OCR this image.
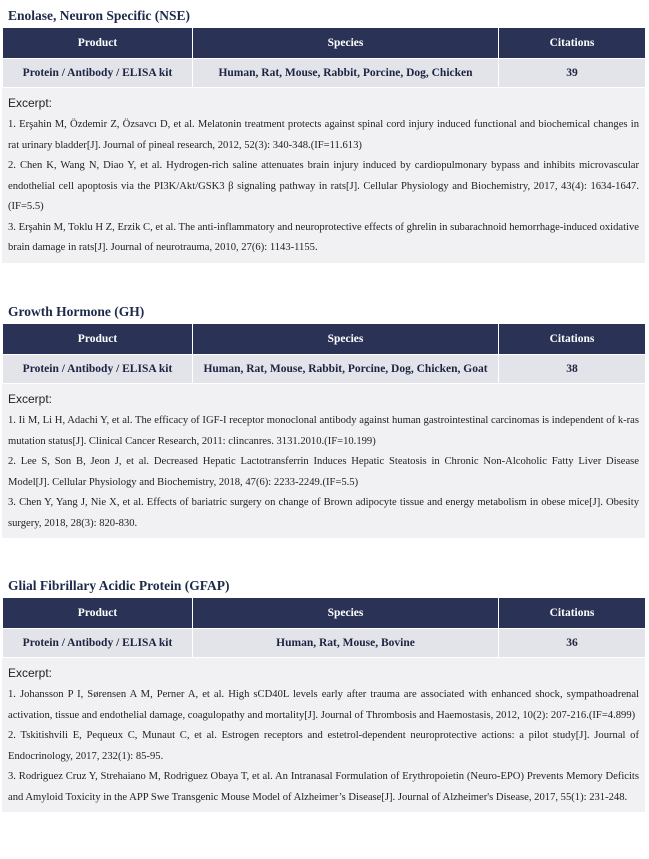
Enolase, Neuron Specific (NSE)
Product	Species	Citations
Protein / Antibody / ELISA kit	Human, Rat, Mouse, Rabbit, Porcine, Dog, Chicken	39
Excerpt:
1. Erşahin M, Özdemir Z, Özsavcı D, et al. Melatonin treatment protects against spinal cord injury induced functional and biochemical changes in rat urinary bladder[J]. Journal of pineal research, 2012, 52(3): 340-348.(IF=11.613)
2. Chen K, Wang N, Diao Y, et al. Hydrogen-rich saline attenuates brain injury induced by cardiopulmonary bypass and inhibits microvascular endothelial cell apoptosis via the PI3K/Akt/GSK3 β signaling pathway in rats[J]. Cellular Physiology and Biochemistry, 2017, 43(4): 1634-1647.(IF=5.5)
3. Erşahin M, Toklu H Z, Erzik C, et al. The anti-inflammatory and neuroprotective effects of ghrelin in subarachnoid hemorrhage-induced oxidative brain damage in rats[J]. Journal of neurotrauma, 2010, 27(6): 1143-1155.
Growth Hormone (GH)
Product	Species	Citations
Protein / Antibody / ELISA kit	Human, Rat, Mouse, Rabbit, Porcine, Dog, Chicken, Goat	38
Excerpt:
1. Ii M, Li H, Adachi Y, et al. The efficacy of IGF-I receptor monoclonal antibody against human gastrointestinal carcinomas is independent of k-ras mutation status[J]. Clinical Cancer Research, 2011: clincanres. 3131.2010.(IF=10.199)
2. Lee S, Son B, Jeon J, et al. Decreased Hepatic Lactotransferrin Induces Hepatic Steatosis in Chronic Non-Alcoholic Fatty Liver Disease Model[J]. Cellular Physiology and Biochemistry, 2018, 47(6): 2233-2249.(IF=5.5)
3. Chen Y, Yang J, Nie X, et al. Effects of bariatric surgery on change of Brown adipocyte tissue and energy metabolism in obese mice[J]. Obesity surgery, 2018, 28(3): 820-830.
Glial Fibrillary Acidic Protein (GFAP)
Product	Species	Citations
Protein / Antibody / ELISA kit	Human, Rat, Mouse, Bovine	36
Excerpt:
1. Johansson P I, Sørensen A M, Perner A, et al. High sCD40L levels early after trauma are associated with enhanced shock, sympathoadrenal activation, tissue and endothelial damage, coagulopathy and mortality[J]. Journal of Thrombosis and Haemostasis, 2012, 10(2): 207-216.(IF=4.899)
2. Tskitishvili E, Pequeux C, Munaut C, et al. Estrogen receptors and estetrol-dependent neuroprotective actions: a pilot study[J]. Journal of Endocrinology, 2017, 232(1): 85-95.
3. Rodriguez Cruz Y, Strehaiano M, Rodriguez Obaya T, et al. An Intranasal Formulation of Erythropoietin (Neuro-EPO) Prevents Memory Deficits and Amyloid Toxicity in the APP Swe Transgenic Mouse Model of Alzheimer’s Disease[J]. Journal of Alzheimer's Disease, 2017, 55(1): 231-248.
